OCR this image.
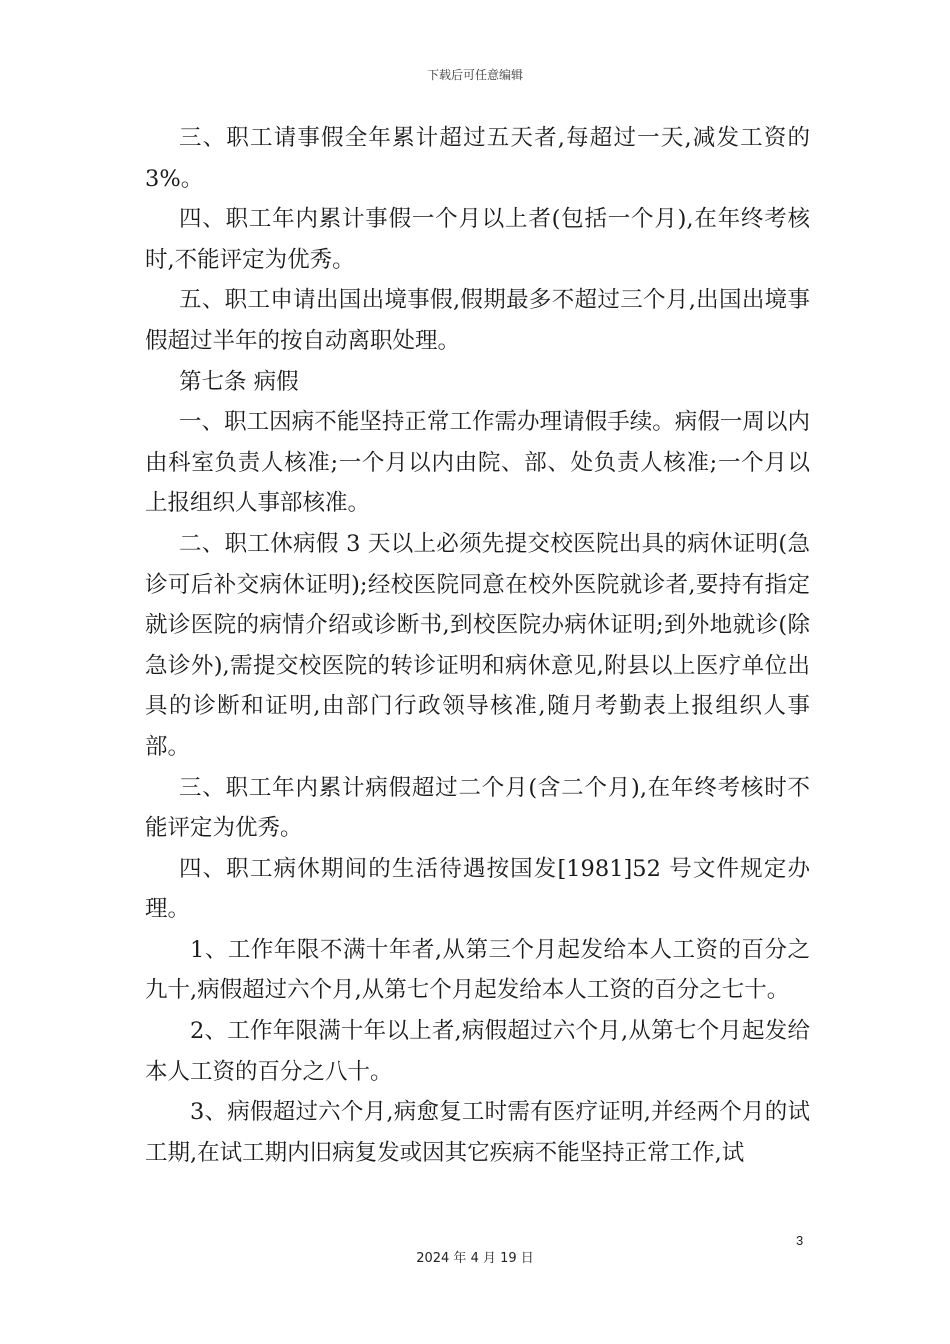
下载后可任意编辑

三、职工请事假全年累计超过五天者,每超过一天,减发工资的3%。

四、职工年内累计事假一个月以上者(包括一个月),在年终考核时,不能评定为优秀。

五、职工申请出国出境事假,假期最多不超过三个月,出国出境事假超过半年的按自动离职处理。

第七条 病假

一、职工因病不能坚持正常工作需办理请假手续。病假一周以内由科室负责人核准;一个月以内由院、部、处负责人核准;一个月以上报组织人事部核准。

二、职工休病假 3 天以上必须先提交校医院出具的病休证明(急诊可后补交病休证明);经校医院同意在校外医院就诊者,要持有指定就诊医院的病情介绍或诊断书,到校医院办病休证明;到外地就诊(除急诊外),需提交校医院的转诊证明和病休意见,附县以上医疗单位出具的诊断和证明,由部门行政领导核准,随月考勤表上报组织人事部。

三、职工年内累计病假超过二个月(含二个月),在年终考核时不能评定为优秀。

四、职工病休期间的生活待遇按国发[1981]52 号文件规定办理。

1、工作年限不满十年者,从第三个月起发给本人工资的百分之九十,病假超过六个月,从第七个月起发给本人工资的百分之七十。

2、工作年限满十年以上者,病假超过六个月,从第七个月起发给本人工资的百分之八十。

3、病假超过六个月,病愈复工时需有医疗证明,并经两个月的试工期,在试工期内旧病复发或因其它疾病不能坚持正常工作,试

3
2024 年 4 月 19 日
